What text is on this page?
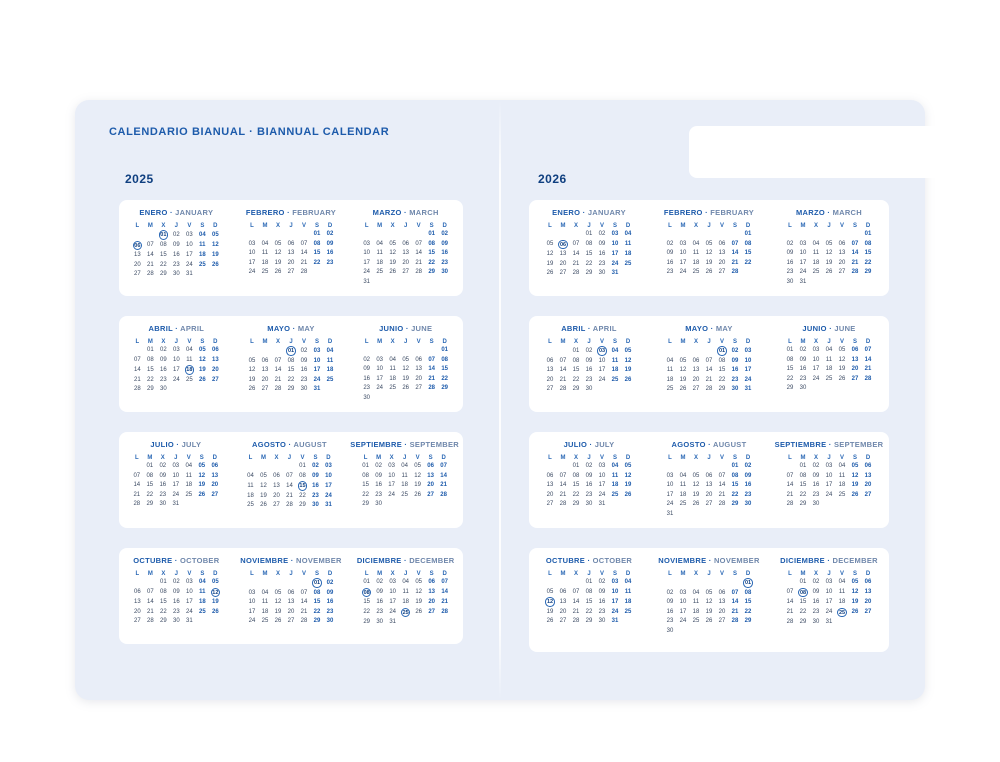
CALENDARIO BIANUAL · BIANNUAL CALENDAR
2025
ENERO · JANUARY
L	M	X	J	V	S	D
		01	02	03	04	05
06	07	08	09	10	11	12
13	14	15	16	17	18	19
20	21	22	23	24	25	26
27	28	29	30	31		
FEBRERO · FEBRUARY
L	M	X	J	V	S	D
					01	02
03	04	05	06	07	08	09
10	11	12	13	14	15	16
17	18	19	20	21	22	23
24	25	26	27	28		
MARZO · MARCH
L	M	X	J	V	S	D
					01	02
03	04	05	06	07	08	09
10	11	12	13	14	15	16
17	18	19	20	21	22	23
24	25	26	27	28	29	30
31						
ABRIL · APRIL
L	M	X	J	V	S	D
	01	02	03	04	05	06
07	08	09	10	11	12	13
14	15	16	17	18	19	20
21	22	23	24	25	26	27
28	29	30				
MAYO · MAY
L	M	X	J	V	S	D
			01	02	03	04
05	06	07	08	09	10	11
12	13	14	15	16	17	18
19	20	21	22	23	24	25
26	27	28	29	30	31	
JUNIO · JUNE
L	M	X	J	V	S	D
						01
02	03	04	05	06	07	08
09	10	11	12	13	14	15
16	17	18	19	20	21	22
23	24	25	26	27	28	29
30						
JULIO · JULY
L	M	X	J	V	S	D
	01	02	03	04	05	06
07	08	09	10	11	12	13
14	15	16	17	18	19	20
21	22	23	24	25	26	27
28	29	30	31			
AGOSTO · AUGUST
L	M	X	J	V	S	D
				01	02	03
04	05	06	07	08	09	10
11	12	13	14	15	16	17
18	19	20	21	22	23	24
25	26	27	28	29	30	31
SEPTIEMBRE · SEPTEMBER
L	M	X	J	V	S	D
01	02	03	04	05	06	07
08	09	10	11	12	13	14
15	16	17	18	19	20	21
22	23	24	25	26	27	28
29	30					
OCTUBRE · OCTOBER
L	M	X	J	V	S	D
		01	02	03	04	05
06	07	08	09	10	11	12
13	14	15	16	17	18	19
20	21	22	23	24	25	26
27	28	29	30	31		
NOVIEMBRE · NOVEMBER
L	M	X	J	V	S	D
					01	02
03	04	05	06	07	08	09
10	11	12	13	14	15	16
17	18	19	20	21	22	23
24	25	26	27	28	29	30
DICIEMBRE · DECEMBER
L	M	X	J	V	S	D
01	02	03	04	05	06	07
08	09	10	11	12	13	14
15	16	17	18	19	20	21
22	23	24	25	26	27	28
29	30	31				
2026
ENERO · JANUARY
L	M	X	J	V	S	D
			01	02	03	04
05	06	07	08	09	10	11
12	13	14	15	16	17	18
19	20	21	22	23	24	25
26	27	28	29	30	31	
FEBRERO · FEBRUARY
L	M	X	J	V	S	D
						01
02	03	04	05	06	07	08
09	10	11	12	13	14	15
16	17	18	19	20	21	22
23	24	25	26	27	28	
MARZO · MARCH
L	M	X	J	V	S	D
						01
02	03	04	05	06	07	08
09	10	11	12	13	14	15
16	17	18	19	20	21	22
23	24	25	26	27	28	29
30	31					
ABRIL · APRIL
L	M	X	J	V	S	D
		01	02	03	04	05
06	07	08	09	10	11	12
13	14	15	16	17	18	19
20	21	22	23	24	25	26
27	28	29	30			
MAYO · MAY
L	M	X	J	V	S	D
				01	02	03
04	05	06	07	08	09	10
11	12	13	14	15	16	17
18	19	20	21	22	23	24
25	26	27	28	29	30	31
JUNIO · JUNE
L	M	X	J	V	S	D
01	02	03	04	05	06	07
08	09	10	11	12	13	14
15	16	17	18	19	20	21
22	23	24	25	26	27	28
29	30					
JULIO · JULY
L	M	X	J	V	S	D
		01	02	03	04	05
06	07	08	09	10	11	12
13	14	15	16	17	18	19
20	21	22	23	24	25	26
27	28	29	30	31		
AGOSTO · AUGUST
L	M	X	J	V	S	D
					01	02
03	04	05	06	07	08	09
10	11	12	13	14	15	16
17	18	19	20	21	22	23
24	25	26	27	28	29	30
31						
SEPTIEMBRE · SEPTEMBER
L	M	X	J	V	S	D
	01	02	03	04	05	06
07	08	09	10	11	12	13
14	15	16	17	18	19	20
21	22	23	24	25	26	27
28	29	30				
OCTUBRE · OCTOBER
L	M	X	J	V	S	D
			01	02	03	04
05	06	07	08	09	10	11
12	13	14	15	16	17	18
19	20	21	22	23	24	25
26	27	28	29	30	31	
NOVIEMBRE · NOVEMBER
L	M	X	J	V	S	D
						01
02	03	04	05	06	07	08
09	10	11	12	13	14	15
16	17	18	19	20	21	22
23	24	25	26	27	28	29
30						
DICIEMBRE · DECEMBER
L	M	X	J	V	S	D
	01	02	03	04	05	06
07	08	09	10	11	12	13
14	15	16	17	18	19	20
21	22	23	24	25	26	27
28	29	30	31			
